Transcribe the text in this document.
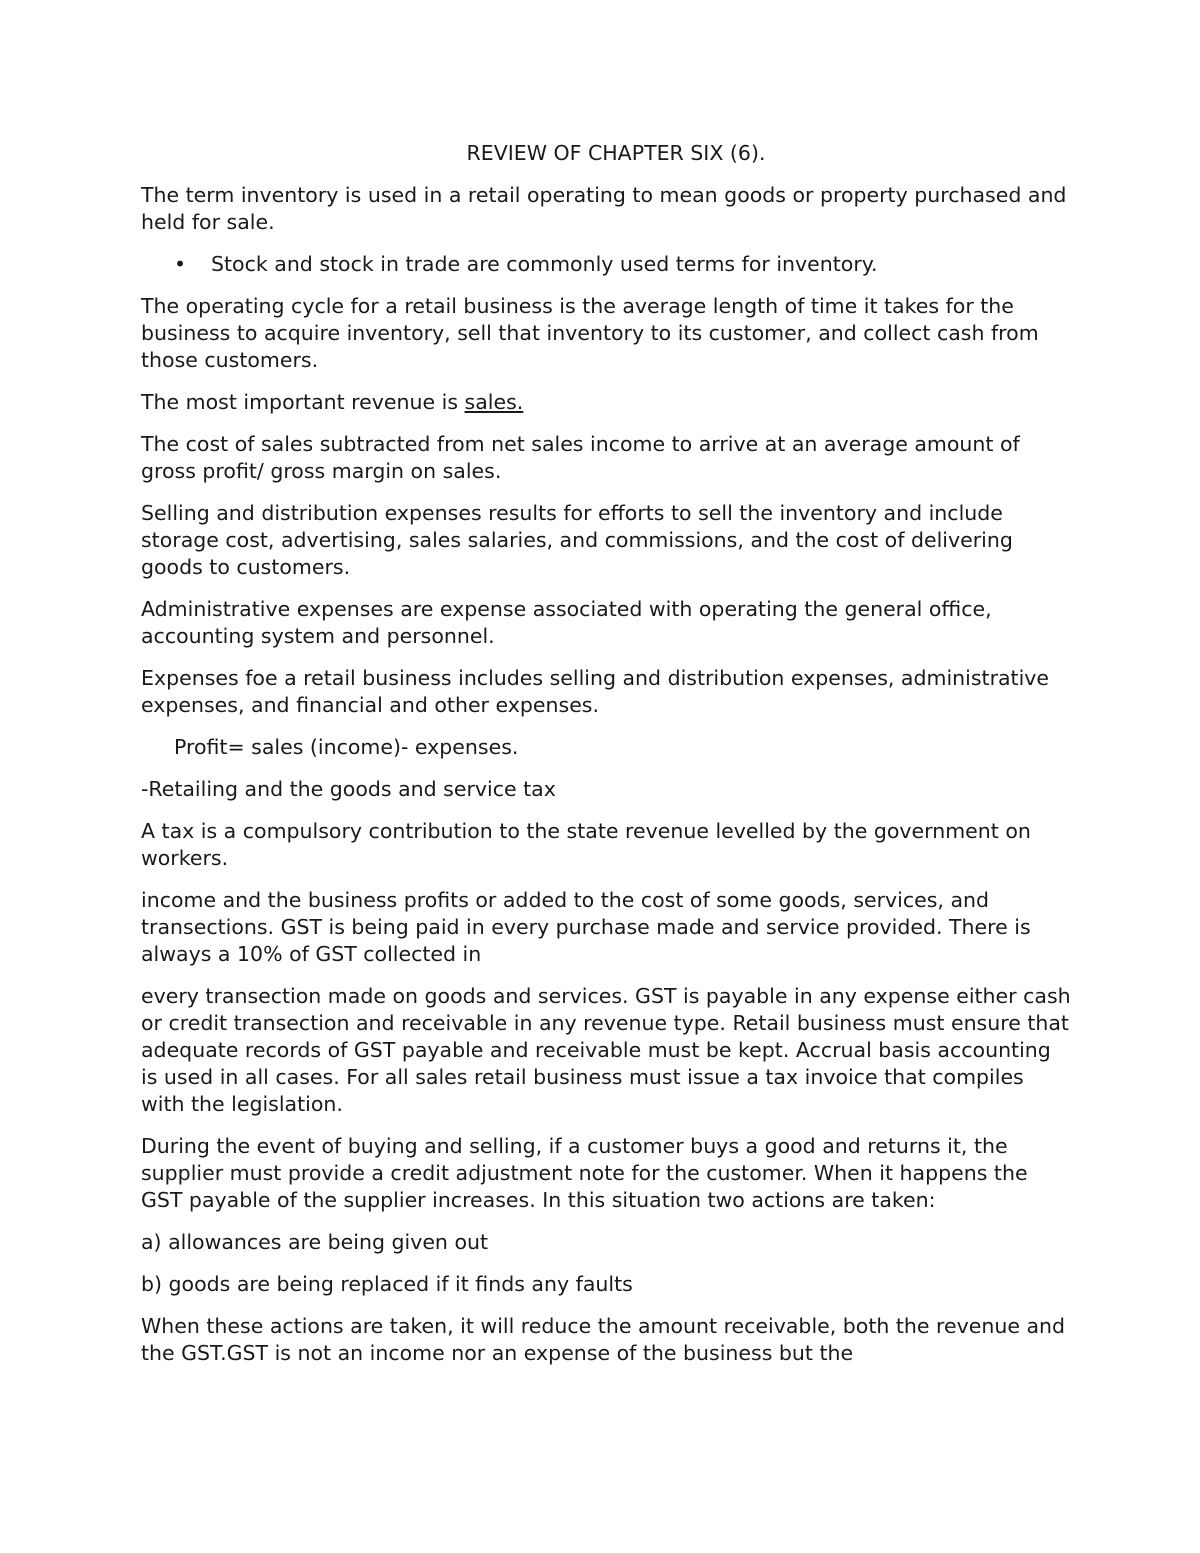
REVIEW OF CHAPTER SIX (6).

The term inventory is used in a retail operating to mean goods or property purchased and held for sale.

• Stock and stock in trade are commonly used terms for inventory.

The operating cycle for a retail business is the average length of time it takes for the business to acquire inventory, sell that inventory to its customer, and collect cash from those customers.

The most important revenue is sales.

The cost of sales subtracted from net sales income to arrive at an average amount of gross profit/ gross margin on sales.

Selling and distribution expenses results for efforts to sell the inventory and include storage cost, advertising, sales salaries, and commissions, and the cost of delivering goods to customers.

Administrative expenses are expense associated with operating the general office, accounting system and personnel.

Expenses foe a retail business includes selling and distribution expenses, administrative expenses, and financial and other expenses.

Profit= sales (income)- expenses.

-Retailing and the goods and service tax

A tax is a compulsory contribution to the state revenue levelled by the government on workers.

income and the business profits or added to the cost of some goods, services, and transections. GST is being paid in every purchase made and service provided. There is always a 10% of GST collected in

every transection made on goods and services. GST is payable in any expense either cash or credit transection and receivable in any revenue type. Retail business must ensure that adequate records of GST payable and receivable must be kept. Accrual basis accounting is used in all cases. For all sales retail business must issue a tax invoice that compiles with the legislation.

During the event of buying and selling, if a customer buys a good and returns it, the supplier must provide a credit adjustment note for the customer. When it happens the GST payable of the supplier increases. In this situation two actions are taken:

a) allowances are being given out

b) goods are being replaced if it finds any faults

When these actions are taken, it will reduce the amount receivable, both the revenue and the GST.GST is not an income nor an expense of the business but the
